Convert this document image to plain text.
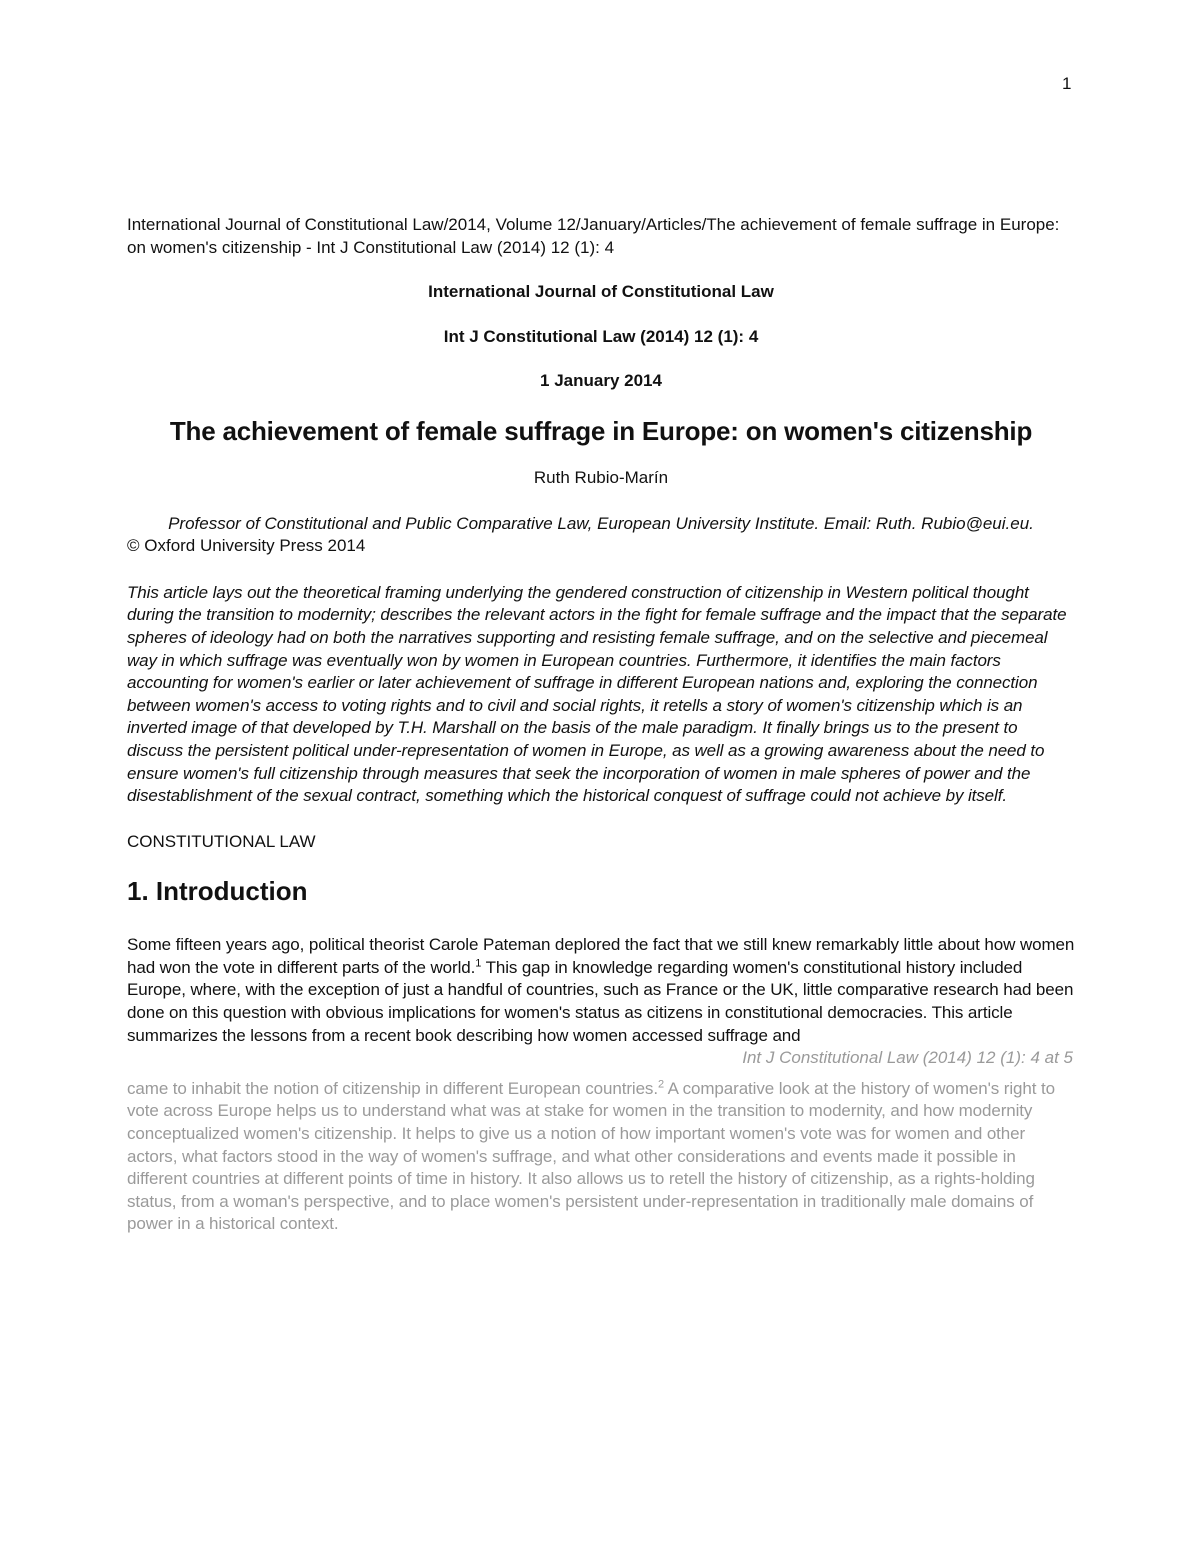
1

International Journal of Constitutional Law/2014, Volume 12/January/Articles/The achievement of female suffrage in Europe: on women's citizenship - Int J Constitutional Law (2014) 12 (1): 4

International Journal of Constitutional Law

Int J Constitutional Law (2014) 12 (1): 4

1 January 2014

The achievement of female suffrage in Europe: on women's citizenship

Ruth Rubio-Marín

Professor of Constitutional and Public Comparative Law, European University Institute. Email: Ruth. Rubio@eui.eu.

© Oxford University Press 2014

This article lays out the theoretical framing underlying the gendered construction of citizenship in Western political thought during the transition to modernity; describes the relevant actors in the fight for female suffrage and the impact that the separate spheres of ideology had on both the narratives supporting and resisting female suffrage, and on the selective and piecemeal way in which suffrage was eventually won by women in European countries. Furthermore, it identifies the main factors accounting for women's earlier or later achievement of suffrage in different European nations and, exploring the connection between women's access to voting rights and to civil and social rights, it retells a story of women's citizenship which is an inverted image of that developed by T.H. Marshall on the basis of the male paradigm. It finally brings us to the present to discuss the persistent political under-representation of women in Europe, as well as a growing awareness about the need to ensure women's full citizenship through measures that seek the incorporation of women in male spheres of power and the disestablishment of the sexual contract, something which the historical conquest of suffrage could not achieve by itself.

CONSTITUTIONAL LAW

1. Introduction

Some fifteen years ago, political theorist Carole Pateman deplored the fact that we still knew remarkably little about how women had won the vote in different parts of the world.$^1$ This gap in knowledge regarding women's constitutional history included Europe, where, with the exception of just a handful of countries, such as France or the UK, little comparative research had been done on this question with obvious implications for women's status as citizens in constitutional democracies. This article summarizes the lessons from a recent book describing how women accessed suffrage and

Int J Constitutional Law (2014) 12 (1): 4 at 5

came to inhabit the notion of citizenship in different European countries.$^2$ A comparative look at the history of women's right to vote across Europe helps us to understand what was at stake for women in the transition to modernity, and how modernity conceptualized women's citizenship. It helps to give us a notion of how important women's vote was for women and other actors, what factors stood in the way of women's suffrage, and what other considerations and events made it possible in different countries at different points of time in history. It also allows us to retell the history of citizenship, as a rights-holding status, from a woman's perspective, and to place women's persistent under-representation in traditionally male domains of power in a historical context.
